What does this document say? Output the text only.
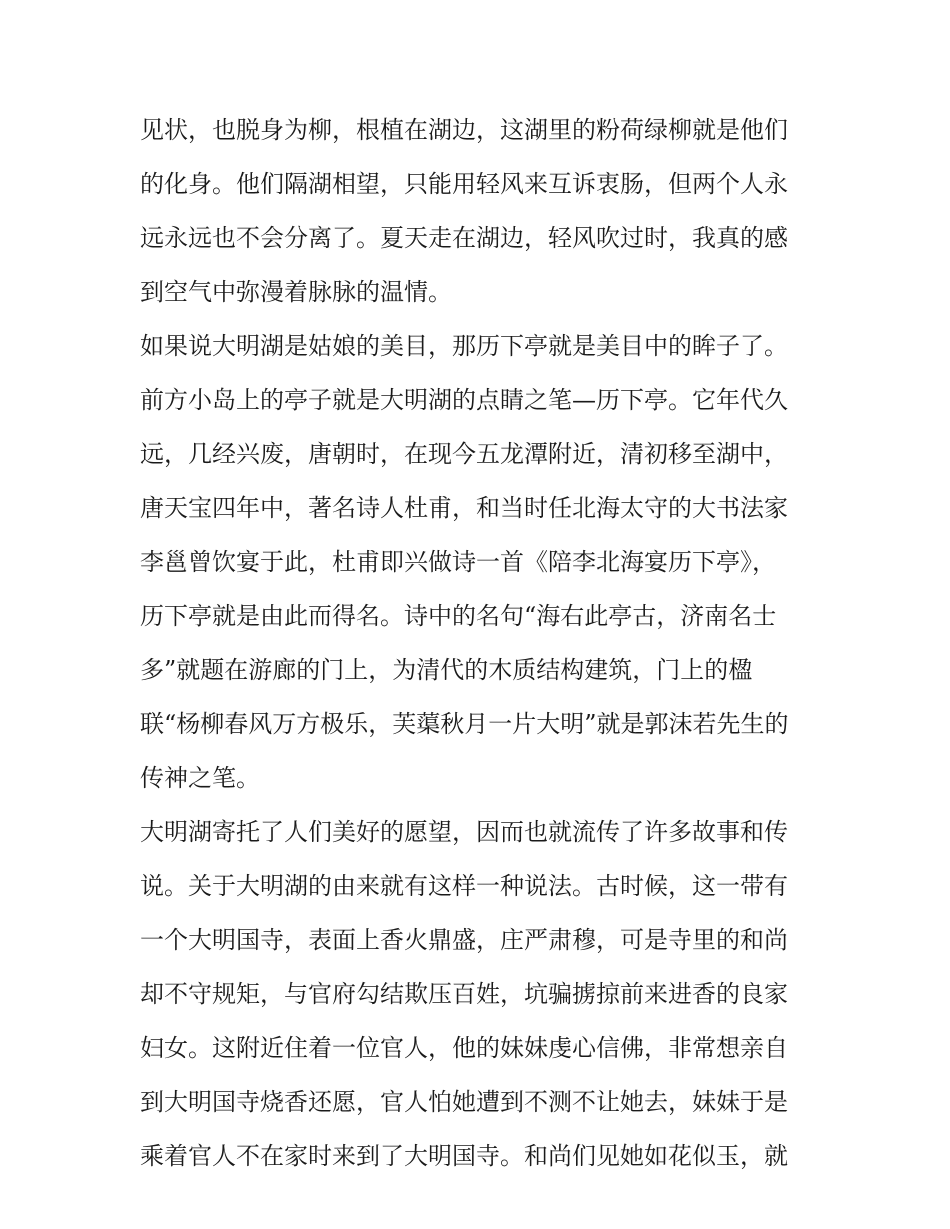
见状，也脱身为柳，根植在湖边，这湖里的粉荷绿柳就是他们
的化身。他们隔湖相望，只能用轻风来互诉衷肠，但两个人永
远永远也不会分离了。夏天走在湖边，轻风吹过时，我真的感
到空气中弥漫着脉脉的温情。
如果说大明湖是姑娘的美目，那历下亭就是美目中的眸子了。
前方小岛上的亭子就是大明湖的点睛之笔—历下亭。它年代久
远，几经兴废，唐朝时，在现今五龙潭附近，清初移至湖中，
唐天宝四年中，著名诗人杜甫，和当时任北海太守的大书法家
李邕曾饮宴于此，杜甫即兴做诗一首《陪李北海宴历下亭》，
历下亭就是由此而得名。诗中的名句“海右此亭古，济南名士
多”就题在游廊的门上，为清代的木质结构建筑，门上的楹
联“杨柳春风万方极乐，芙蕖秋月一片大明”就是郭沫若先生的
传神之笔。
大明湖寄托了人们美好的愿望，因而也就流传了许多故事和传
说。关于大明湖的由来就有这样一种说法。古时候，这一带有
一个大明国寺，表面上香火鼎盛，庄严肃穆，可是寺里的和尚
却不守规矩，与官府勾结欺压百姓，坑骗掳掠前来进香的良家
妇女。这附近住着一位官人，他的妹妹虔心信佛，非常想亲自
到大明国寺烧香还愿，官人怕她遭到不测不让她去，妹妹于是
乘着官人不在家时来到了大明国寺。和尚们见她如花似玉，就
